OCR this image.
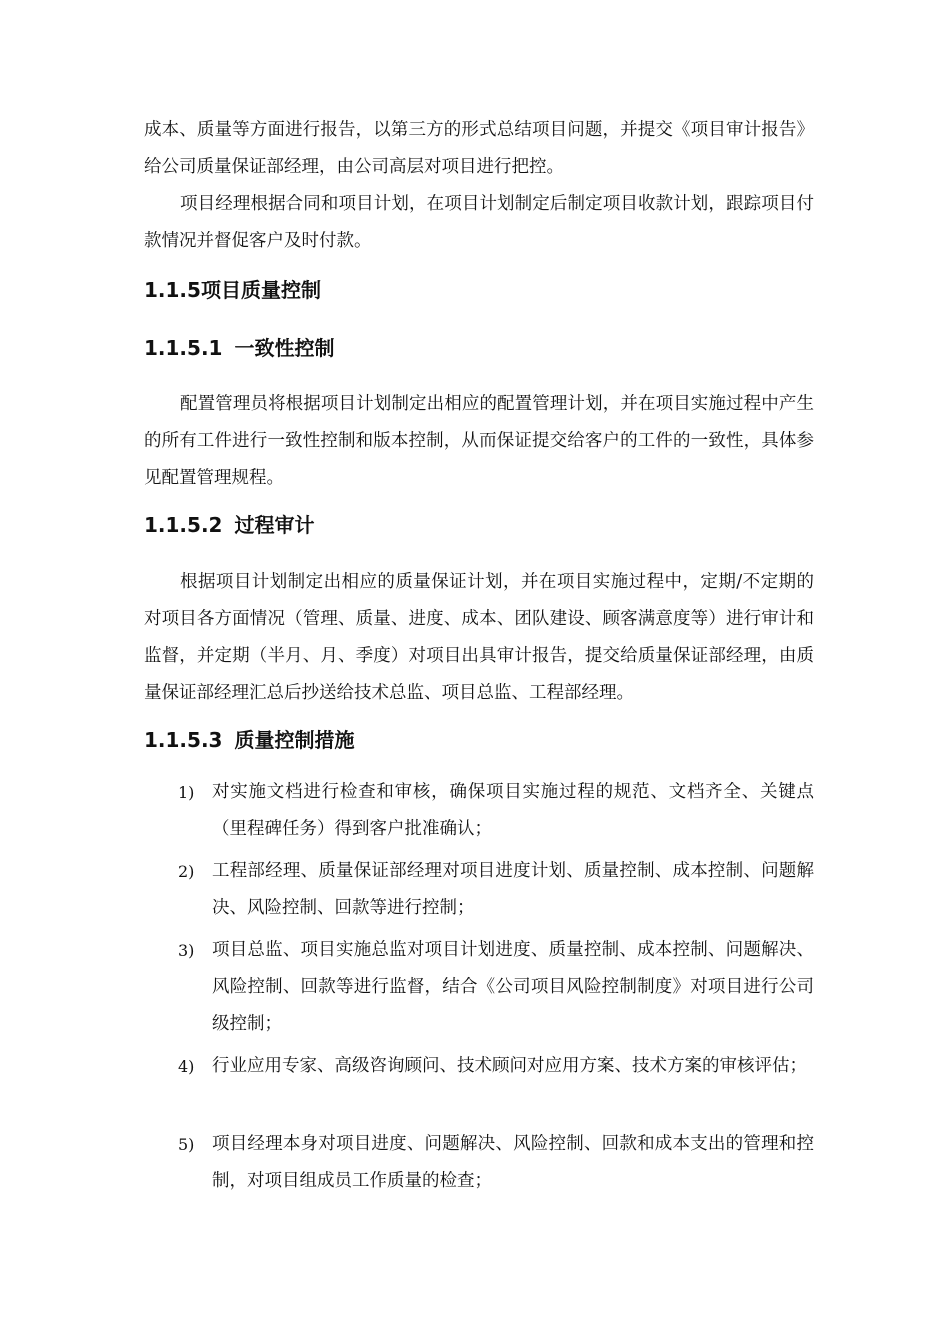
成本、质量等方面进行报告，以第三方的形式总结项目问题，并提交《项目审计报告》给公司质量保证部经理，由公司高层对项目进行把控。

项目经理根据合同和项目计划，在项目计划制定后制定项目收款计划，跟踪项目付款情况并督促客户及时付款。

1.1.5项目质量控制
1.1.5.1 一致性控制

配置管理员将根据项目计划制定出相应的配置管理计划，并在项目实施过程中产生的所有工件进行一致性控制和版本控制，从而保证提交给客户的工件的一致性，具体参见配置管理规程。

1.1.5.2 过程审计

根据项目计划制定出相应的质量保证计划，并在项目实施过程中，定期/不定期的对项目各方面情况（管理、质量、进度、成本、团队建设、顾客满意度等）进行审计和监督，并定期（半月、月、季度）对项目出具审计报告，提交给质量保证部经理，由质量保证部经理汇总后抄送给技术总监、项目总监、工程部经理。

1.1.5.3 质量控制措施
1) 对实施文档进行检查和审核，确保项目实施过程的规范、文档齐全、关键点（里程碑任务）得到客户批准确认；

2) 工程部经理、质量保证部经理对项目进度计划、质量控制、成本控制、问题解决、风险控制、回款等进行控制；

3) 项目总监、项目实施总监对项目计划进度、质量控制、成本控制、问题解决、风险控制、回款等进行监督，结合《公司项目风险控制制度》对项目进行公司级控制；

4) 行业应用专家、高级咨询顾问、技术顾问对应用方案、技术方案的审核评估；

5) 项目经理本身对项目进度、问题解决、风险控制、回款和成本支出的管理和控制，对项目组成员工作质量的检查；
